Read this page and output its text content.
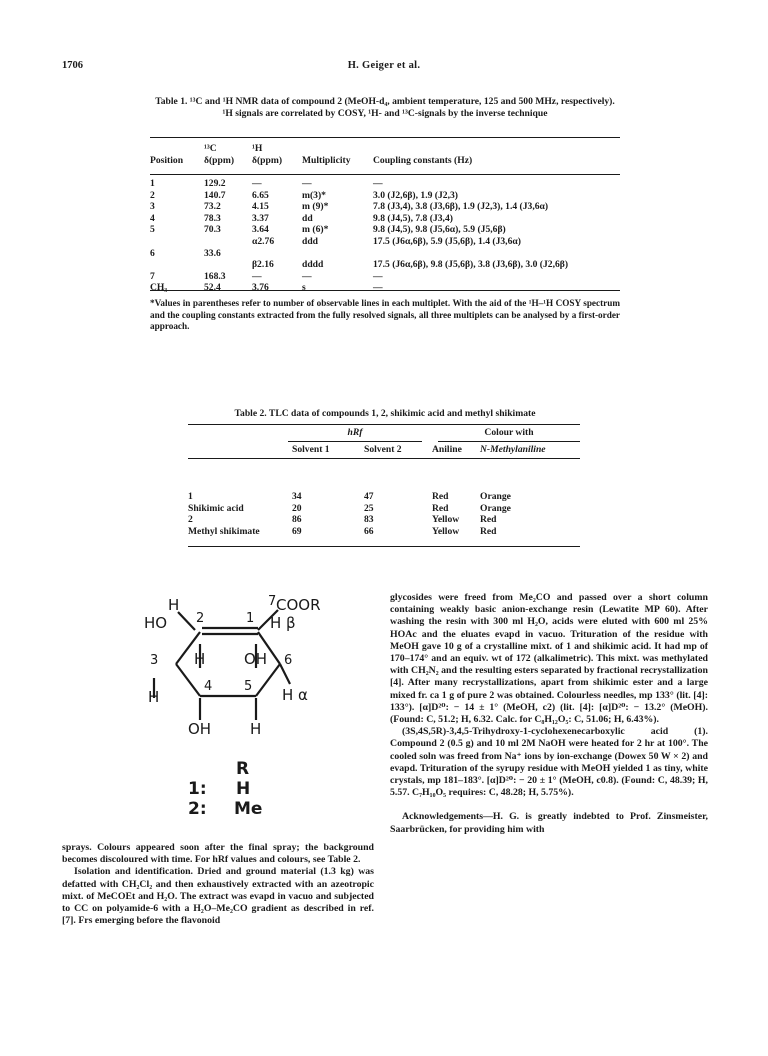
1706	H. Geiger et al.
Table 1. ¹³C and ¹H NMR data of compound 2 (MeOH-d₄, ambient temperature, 125 and 500 MHz, respectively). ¹H signals are correlated by COSY, ¹H- and ¹³C-signals by the inverse technique
	¹³C	¹H		
Position	δ(ppm)	δ(ppm)	Multiplicity	Coupling constants (Hz)
1	129.2	—	—	—
2	140.7	6.65	m(3)*	3.0 (J2,6β), 1.9 (J2,3)
3	73.2	4.15	m (9)*	7.8 (J3,4), 3.8 (J3,6β), 1.9 (J2,3), 1.4 (J3,6α)
4	78.3	3.37	dd	9.8 (J4,5), 7.8 (J3,4)
5	70.3	3.64	m (6)*	9.8 (J4,5), 9.8 (J5,6α), 5.9 (J5,6β)
		α2.76	ddd	17.5 (J6α,6β), 5.9 (J5,6β), 1.4 (J3,6α)
6	33.6			
		β2.16	dddd	17.5 (J6α,6β), 9.8 (J5,6β), 3.8 (J3,6β), 3.0 (J2,6β)
7	168.3	—	—	—
CH₃	52.4	3.76	s	—
*Values in parentheses refer to number of observable lines in each multiplet. With the aid of the ¹H–¹H COSY spectrum and the coupling constants extracted from the fully resolved signals, all three multiplets can be analysed by a first-order approach.
Table 2. TLC data of compounds 1, 2, shikimic acid and methyl shikimate
hRf	Colour with
	Solvent 1	Solvent 2	Aniline	N-Methylaniline
1	34	47	Red	Orange
Shikimic acid	20	25	Red	Orange
2	86	83	Yellow	Red
Methyl shikimate	69	66	Yellow	Red
H
HO 2	1
7 COOR
H β
3 H	OH 6
H
4 5 H α
OH	H
R
1: H
2: Me

sprays. Colours appeared soon after the final spray; the background becomes discoloured with time. For hRf values and colours, see Table 2.

Isolation and identification. Dried and ground material (1.3 kg) was defatted with CH₂Cl₂ and then exhaustively extracted with an azeotropic mixt. of MeCOEt and H₂O. The extract was evapd in vacuo and subjected to CC on polyamide-6 with a H₂O–Me₂CO gradient as described in ref. [7]. Frs emerging before the flavonoid

glycosides were freed from Me₂CO and passed over a short column containing weakly basic anion-exchange resin (Lewatite MP 60). After washing the resin with 300 ml H₂O, acids were eluted with 600 ml 25% HOAc and the eluates evapd in vacuo. Trituration of the residue with MeOH gave 10 g of a crystalline mixt. of 1 and shikimic acid. It had mp of 170–174° and an equiv. wt of 172 (alkalimetric). This mixt. was methylated with CH₂N₂ and the resulting esters separated by fractional recrystallization [4]. After many recrystallizations, apart from shikimic ester and a large mixed fr. ca 1 g of pure 2 was obtained. Colourless needles, mp 133° (lit. [4]: 133°). [α]D²⁰: − 14 ± 1° (MeOH, c2) (lit. [4]: [α]D²⁰: − 13.2° (MeOH). (Found: C, 51.2; H, 6.32. Calc. for C₈H₁₂O₅: C, 51.06; H, 6.43%).

(3S,4S,5R)-3,4,5-Trihydroxy-1-cyclohexenecarboxylic acid (1). Compound 2 (0.5 g) and 10 ml 2M NaOH were heated for 2 hr at 100°. The cooled soln was freed from Na⁺ ions by ion-exchange (Dowex 50 W × 2) and evapd. Trituration of the syrupy residue with MeOH yielded 1 as tiny, white crystals, mp 181–183°. [α]D²⁰: − 20 ± 1° (MeOH, c0.8). (Found: C, 48.39; H, 5.57. C₇H₁₀O₅ requires: C, 48.28; H, 5.75%).

Acknowledgements—H. G. is greatly indebted to Prof. Zinsmeister, Saarbrücken, for providing him with
